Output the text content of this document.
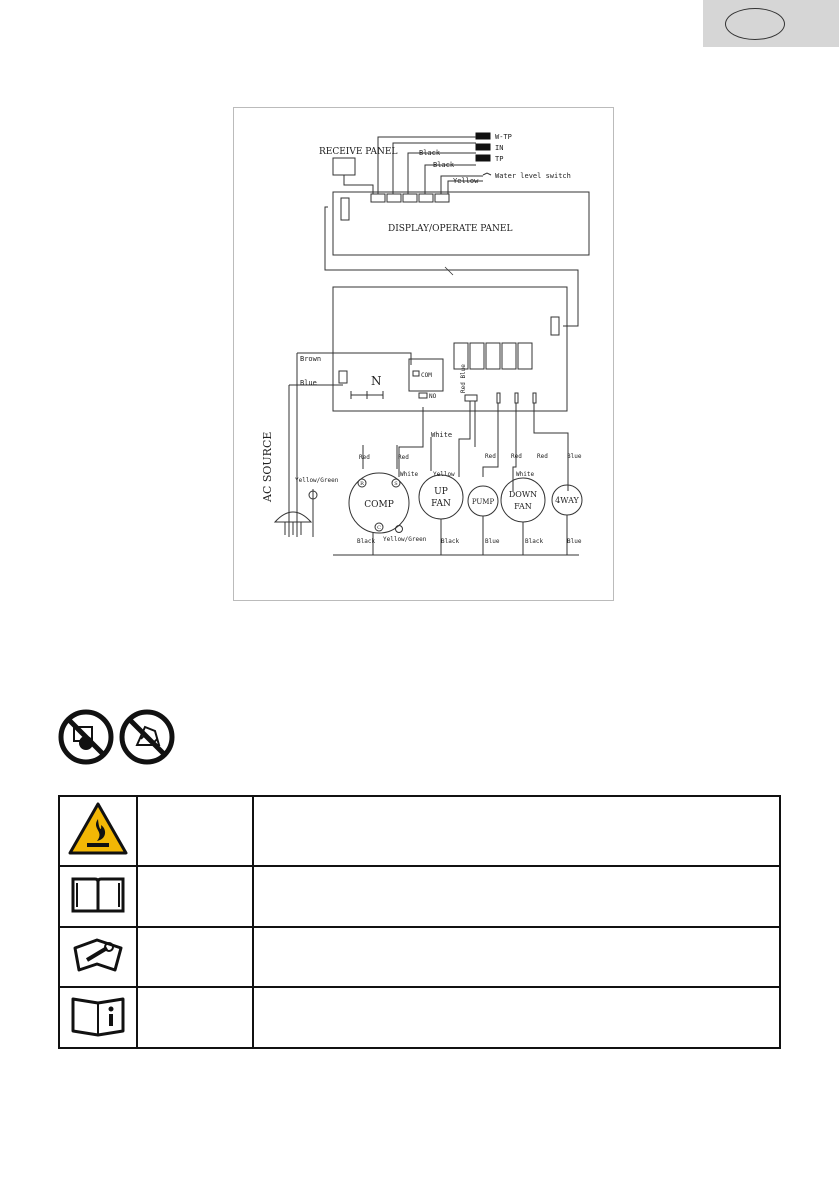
W-TP
IN
TP
Water level switch
Black
Black
Yellow
RECEIVE PANEL
DISPLAY/OPERATE PANEL
N	COM
NO
Brown
Blue	Red Blue
White
Red	Red
White Yellow
Red	Red	Red
White
Blue
COMP
R	S
C
UP
FAN	PUMP
DOWN
FAN
4WAY
Black Yellow/Green Black	Blue	Black	Blue
Yellow/Green
AC SOURCE
